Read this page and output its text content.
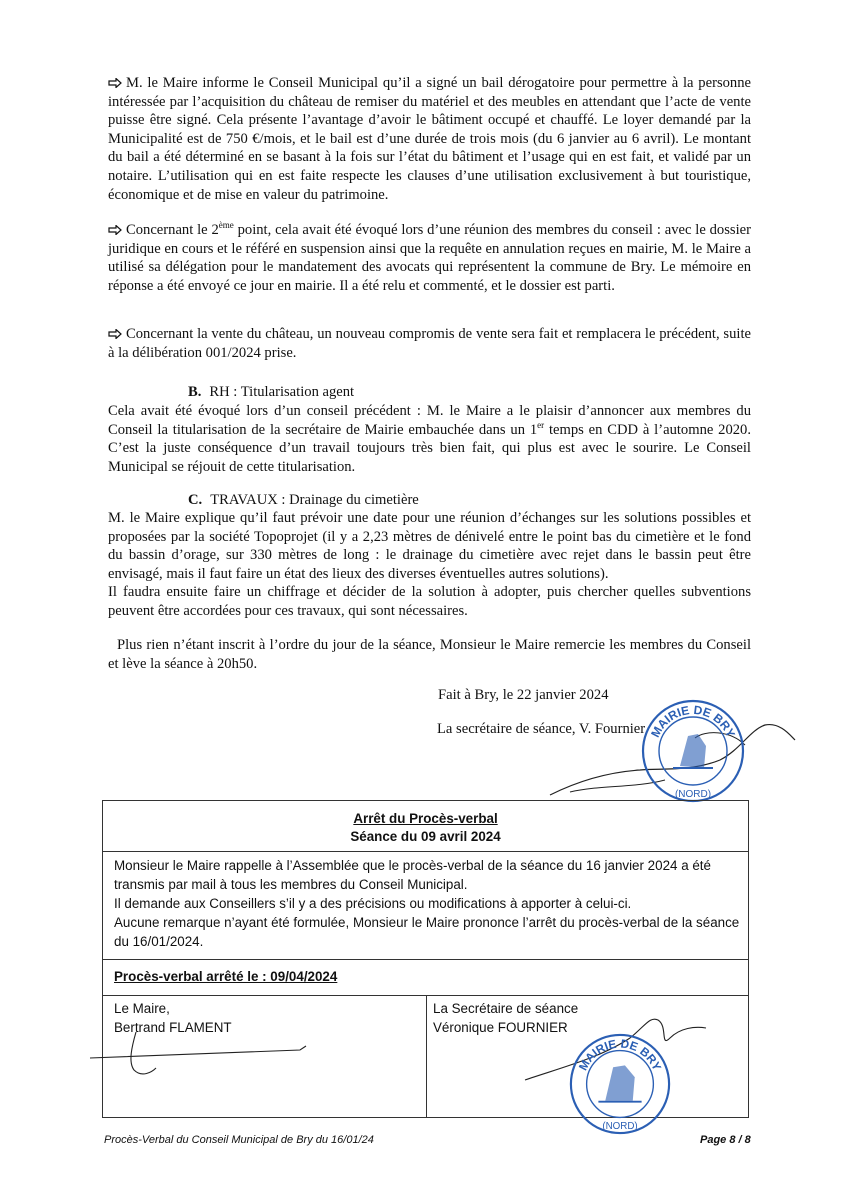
M. le Maire informe le Conseil Municipal qu’il a signé un bail dérogatoire pour permettre à la personne intéressée par l’acquisition du château de remiser du matériel et des meubles en attendant que l’acte de vente puisse être signé. Cela présente l’avantage d’avoir le bâtiment occupé et chauffé. Le loyer demandé par la Municipalité est de 750 €/mois, et le bail est d’une durée de trois mois (du 6 janvier au 6 avril). Le montant du bail a été déterminé en se basant à la fois sur l’état du bâtiment et l’usage qui en est fait, et validé par un notaire. L’utilisation qui en est faite respecte les clauses d’une utilisation exclusivement à but touristique, économique et de mise en valeur du patrimoine.

Concernant le 2ème point, cela avait été évoqué lors d’une réunion des membres du conseil : avec le dossier juridique en cours et le référé en suspension ainsi que la requête en annulation reçues en mairie, M. le Maire a utilisé sa délégation pour le mandatement des avocats qui représentent la commune de Bry. Le mémoire en réponse a été envoyé ce jour en mairie. Il a été relu et commenté, et le dossier est parti.

Concernant la vente du château, un nouveau compromis de vente sera fait et remplacera le précédent, suite à la délibération 001/2024 prise.

B. RH : Titularisation agent

Cela avait été évoqué lors d’un conseil précédent : M. le Maire a le plaisir d’annoncer aux membres du Conseil la titularisation de la secrétaire de Mairie embauchée dans un 1er temps en CDD à l’automne 2020. C’est la juste conséquence d’un travail toujours très bien fait, qui plus est avec le sourire. Le Conseil Municipal se réjouit de cette titularisation.

C. TRAVAUX : Drainage du cimetière

M. le Maire explique qu’il faut prévoir une date pour une réunion d’échanges sur les solutions possibles et proposées par la société Topoprojet (il y a 2,23 mètres de dénivelé entre le point bas du cimetière et le fond du bassin d’orage, sur 330 mètres de long : le drainage du cimetière avec rejet dans le bassin peut être envisagé, mais il faut faire un état des lieux des diverses éventuelles autres solutions).
Il faudra ensuite faire un chiffrage et décider de la solution à adopter, puis chercher quelles subventions peuvent être accordées pour ces travaux, qui sont nécessaires.

Plus rien n’étant inscrit à l’ordre du jour de la séance, Monsieur le Maire remercie les membres du Conseil et lève la séance à 20h50.

Fait à Bry, le 22 janvier 2024

La secrétaire de séance, V. Fournier MAIRIE DE BRY
(NORD)
Arrêt du Procès-verbal
Séance du 09 avril 2024

Monsieur le Maire rappelle à l’Assemblée que le procès-verbal de la séance du 16 janvier 2024 a été transmis par mail à tous les membres du Conseil Municipal.

Il demande aux Conseillers s’il y a des précisions ou modifications à apporter à celui-ci.

Aucune remarque n’ayant été formulée, Monsieur le Maire prononce l’arrêt du procès-verbal de la séance du 16/01/2024.

Procès-verbal arrêté le : 09/04/2024
Le Maire,
Bertrand FLAMENT
La Secrétaire de séance
Véronique FOURNIER
MAIRIE DE BRY
(NORD)
Procès-Verbal du Conseil Municipal de Bry du 16/01/24	Page 8 / 8
